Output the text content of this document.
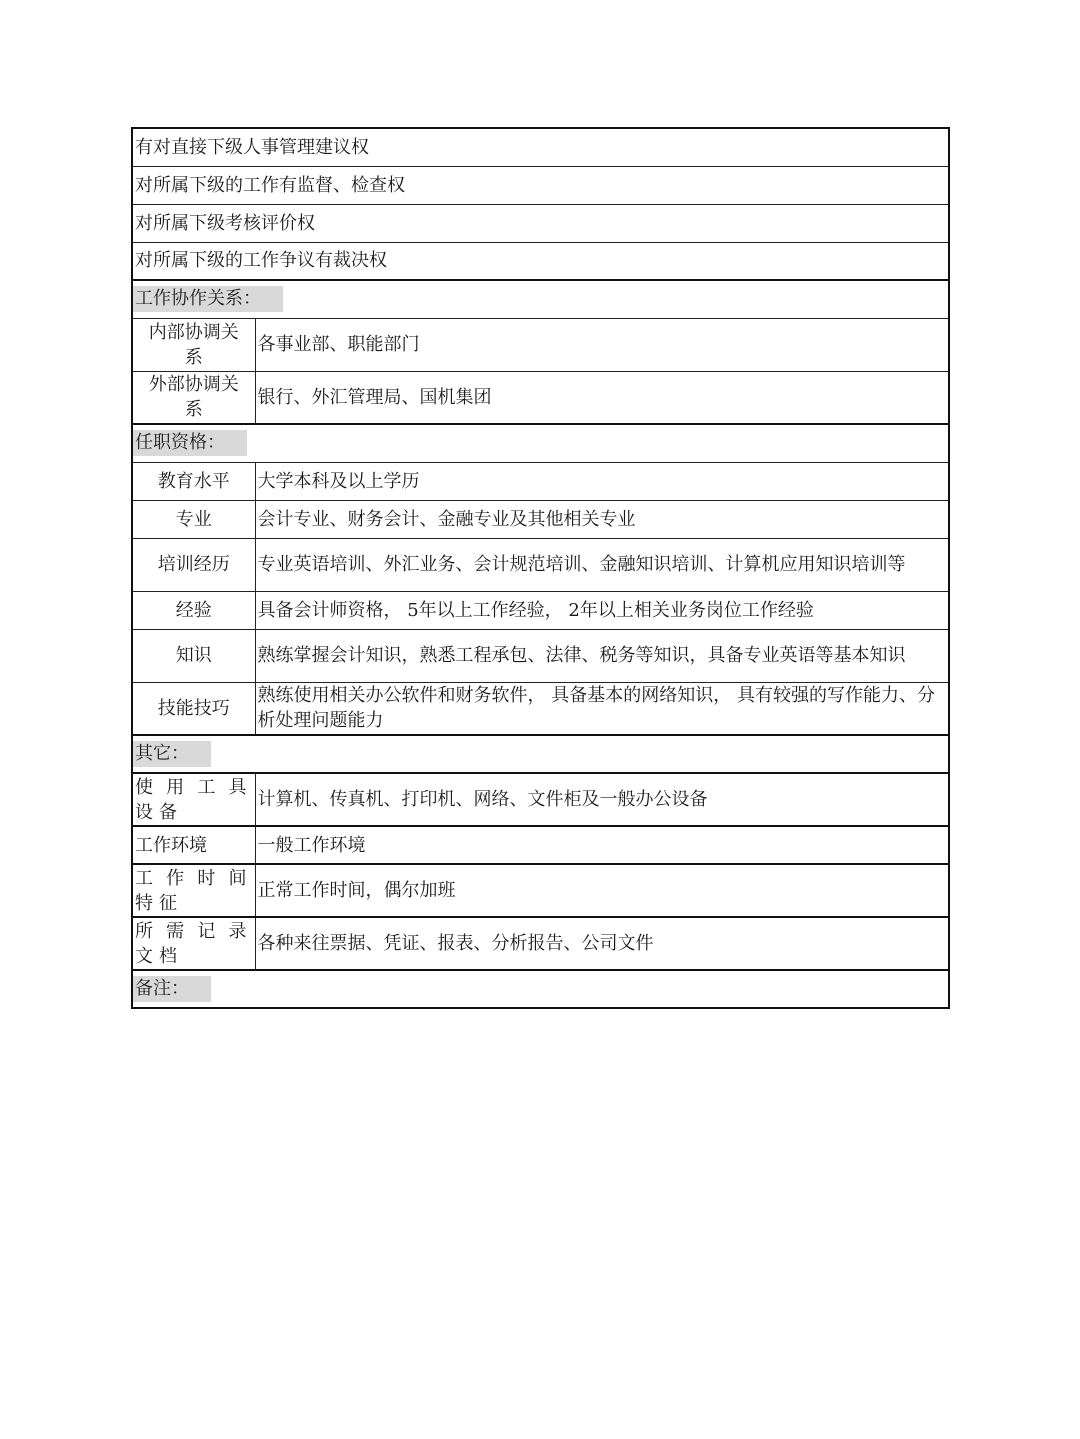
有对直接下级人事管理建议权	
对所属下级的工作有监督、检查权	
对所属下级考核评价权	
对所属下级的工作争议有裁决权	
工作协作关系：	
内部协调关系	各事业部、职能部门
外部协调关系	银行、外汇管理局、国机集团
任职资格：	
教育水平	大学本科及以上学历
专业	会计专业、财务会计、金融专业及其他相关专业
培训经历	专业英语培训、外汇业务、会计规范培训、金融知识培训、计算机应用知识培训等
经验	具备会计师资格， 5年以上工作经验， 2年以上相关业务岗位工作经验
知识	熟练掌握会计知识，熟悉工程承包、法律、税务等知识，具备专业英语等基本知识
技能技巧	熟练使用相关办公软件和财务软件， 具备基本的网络知识， 具有较强的写作能力、分析处理问题能力
其它：	
使用工具设备	计算机、传真机、打印机、网络、文件柜及一般办公设备
工作环境	一般工作环境
工作时间特征	正常工作时间，偶尔加班
所需记录文档	各种来往票据、凭证、报表、分析报告、公司文件
备注：	
